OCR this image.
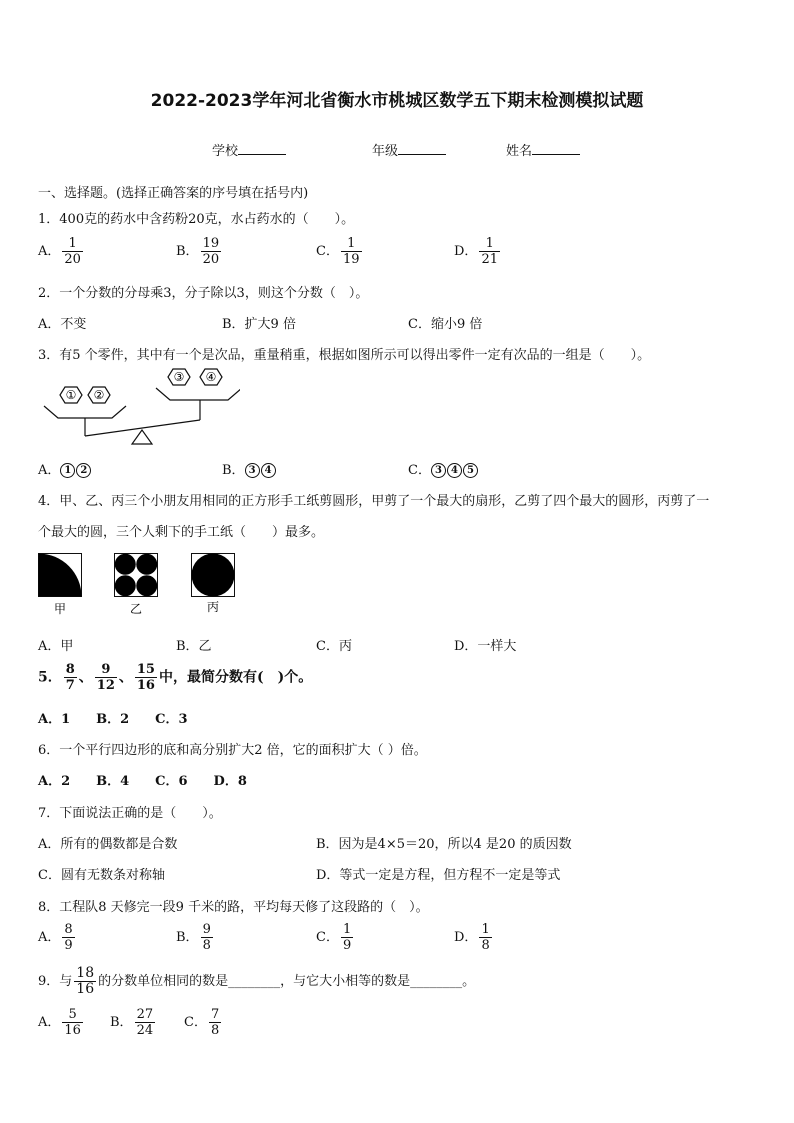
2022-2023学年河北省衡水市桃城区数学五下期末检测模拟试题
学校	年级	姓名
一、选择题。(选择正确答案的序号填在括号内)
1．400克的药水中含药粉20克，水占药水的（　　）。
A． $\frac{1}{20}$	B． $\frac{19}{20}$	C． $\frac{1}{19}$	D． $\frac{1}{21}$
2．一个分数的分母乘3，分子除以3，则这个分数（　）。
A．不变	B．扩大9 倍	C．缩小9 倍
3．有5 个零件，其中有一个是次品，重量稍重，根据如图所示可以得出零件一定有次品的一组是（　　）。
① ②
③ ④
A． 1 2	B． 3 4	C． 3 4 5
4．甲、乙、丙三个小朋友用相同的正方形手工纸剪圆形，甲剪了一个最大的扇形，乙剪了四个最大的圆形，丙剪了一
个最大的圆，三个人剩下的手工纸（　　）最多。
甲	乙	丙
A．甲	B．乙	C．丙	D．一样大
5． $\frac{8}{7}$ 、 $\frac{9}{12}$ 、 $\frac{15}{16}$ 中，最简分数有(　)个。
A．1　　B．2　　C．3
6．一个平行四边形的底和高分别扩大2 倍，它的面积扩大（ ）倍。
A．2　　B．4　　C．6　　D．8
7．下面说法正确的是（　　）。
A．所有的偶数都是合数	B．因为是4×5＝20，所以4 是20 的质因数
C．圆有无数条对称轴	D．等式一定是方程，但方程不一定是等式
8．工程队8 天修完一段9 千米的路，平均每天修了这段路的（　）。
A． $\frac{8}{9}$	B． $\frac{9}{8}$	C． $\frac{1}{9}$	D． $\frac{1}{8}$
9．与 $\frac{18}{16}$ 的分数单位相同的数是________，与它大小相等的数是________。
A． $\frac{5}{16}$ B． $\frac{27}{24}$ C． $\frac{7}{8}$
